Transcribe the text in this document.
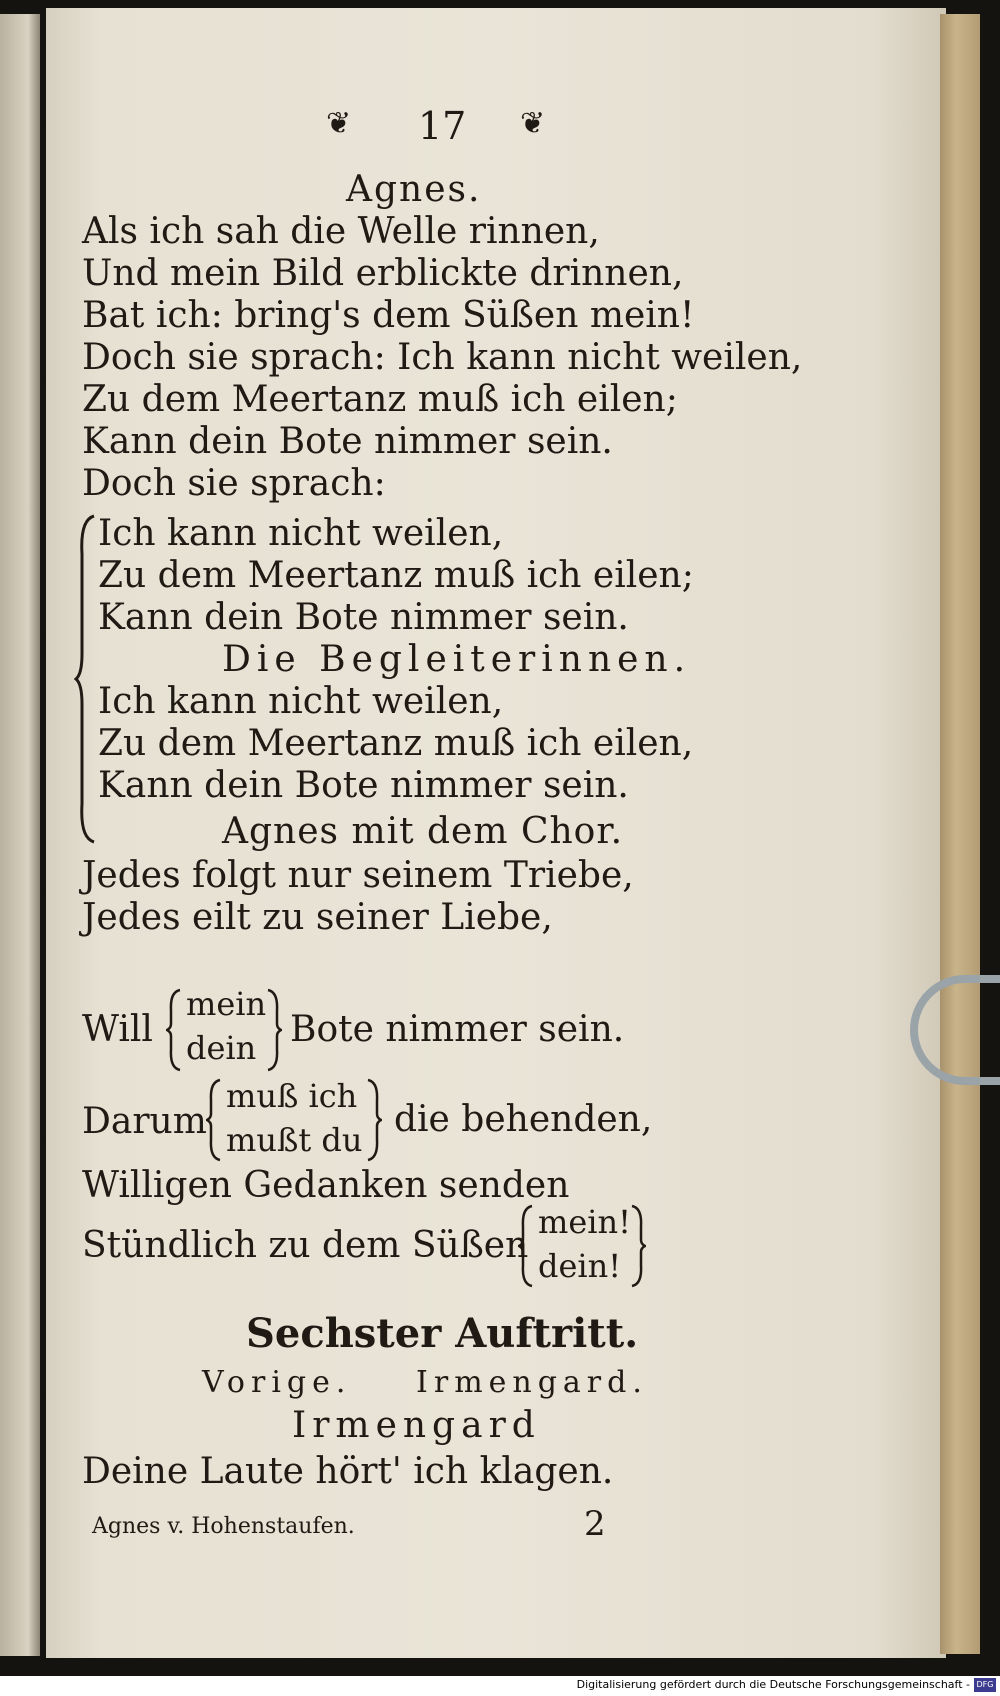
❦ 17 ❦
Agnes.
Als ich sah die Welle rinnen,
Und mein Bild erblickte drinnen,
Bat ich: bring's dem Süßen mein!
Doch sie sprach: Ich kann nicht weilen,
Zu dem Meertanz muß ich eilen;
Kann dein Bote nimmer sein.
Doch sie sprach:
Ich kann nicht weilen,
Zu dem Meertanz muß ich eilen;
Kann dein Bote nimmer sein.
Die Begleiterinnen.
Ich kann nicht weilen,
Zu dem Meertanz muß ich eilen,
Kann dein Bote nimmer sein.
Agnes mit dem Chor.
Jedes folgt nur seinem Triebe,
Jedes eilt zu seiner Liebe,
Will
mein
dein Bote nimmer sein.
Darum
muß ich
mußt du die behenden,
Willigen Gedanken senden
Stündlich zu dem Süßen
mein!
dein!
Sechster Auftritt.
Vorige. Irmengard.
Irmengard
Deine Laute hört' ich klagen.
Agnes v. Hohenstaufen.	2
Digitalisierung gefördert durch die Deutsche Forschungsgemeinschaft - DFG
